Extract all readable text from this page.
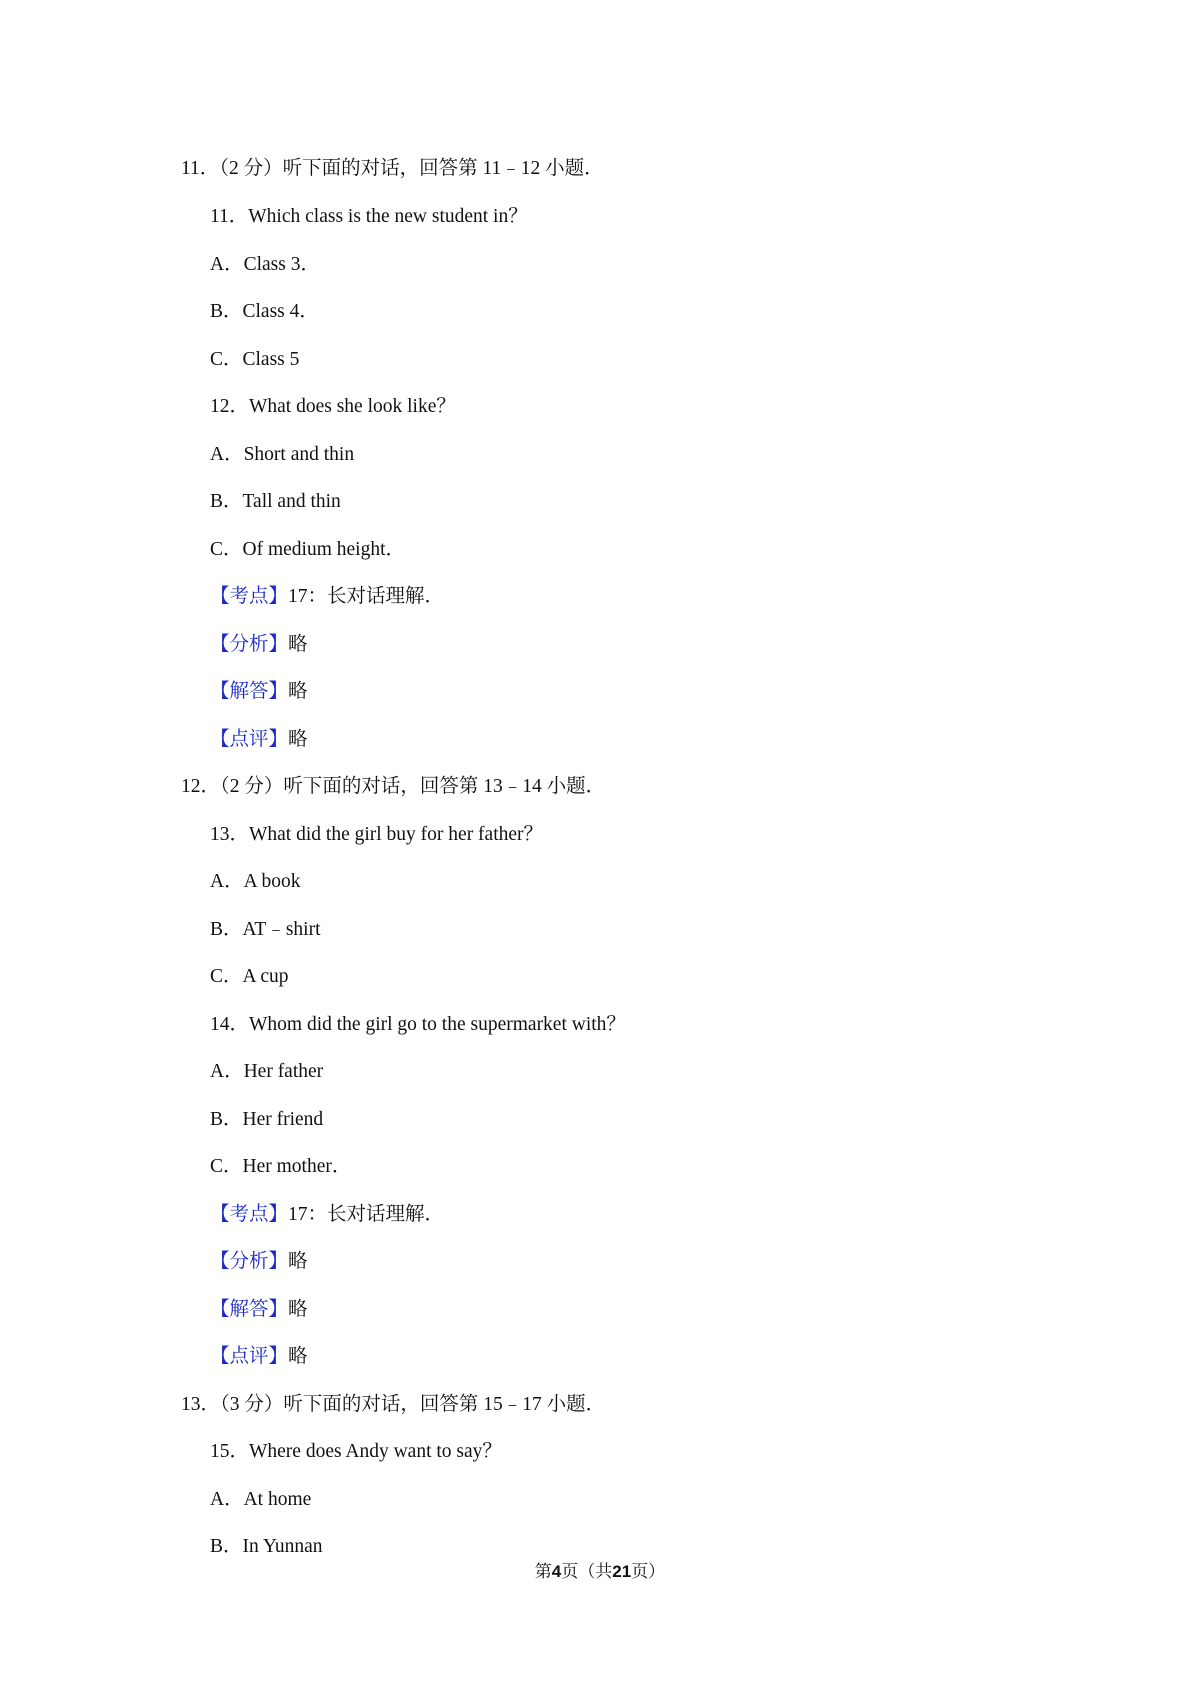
11．（2 分）听下面的对话，回答第 11﹣12 小题．
11．Which class is the new student in？
A．Class 3．
B．Class 4．
C．Class 5
12．What does she look like？
A．Short and thin
B．Tall and thin
C．Of medium height．
【考点】17：长对话理解．
【分析】略
【解答】略
【点评】略
12．（2 分）听下面的对话，回答第 13﹣14 小题．
13．What did the girl buy for her father？
A．A book
B．AT﹣shirt
C．A cup
14．Whom did the girl go to the supermarket with？
A．Her father
B．Her friend
C．Her mother．
【考点】17：长对话理解．
【分析】略
【解答】略
【点评】略
13．（3 分）听下面的对话，回答第 15﹣17 小题．
15．Where does Andy want to say？
A．At home
B．In Yunnan
第4页（共21页）
